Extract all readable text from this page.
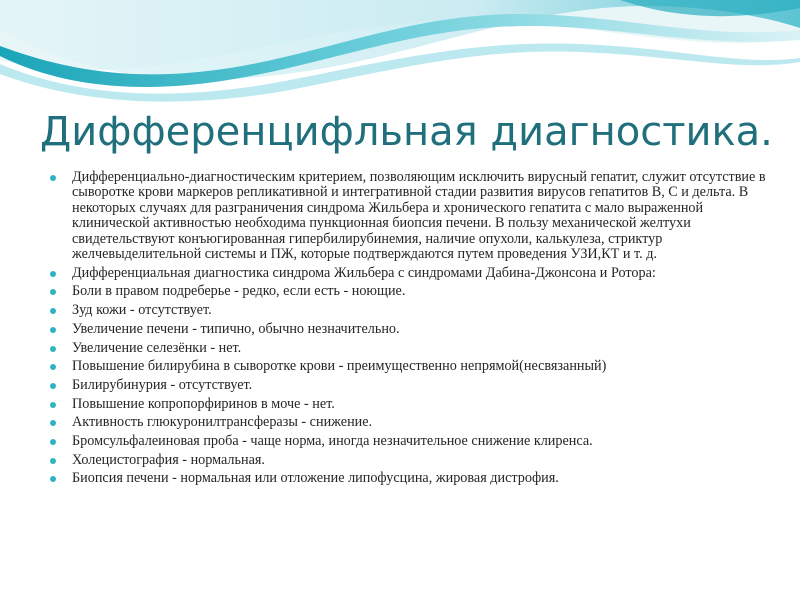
Дифференцифльная диагностика.
Дифференциально-диагностическим критерием, позволяющим исключить вирусный гепатит, служит отсутствие в сыворотке крови маркеров репликативной и интегративной стадии развития вирусов гепатитов В, С и дельта. В некоторых случаях для разграничения синдрома Жильбера и хронического гепатита с мало выраженной клинической активностью необходима пункционная биопсия печени. В пользу механической желтухи свидетельствуют конъюгированная гипербилирубинемия, наличие опухоли, калькулеза, стриктур желчевыделительной системы и ПЖ, которые подтверждаются путем проведения УЗИ,КТ и т. д.
Дифференциальная диагностика синдрома Жильбера с синдромами Дабина-Джонсона и Ротора:
Боли в правом подреберье - редко, если есть - ноющие.
Зуд кожи - отсутствует.
Увеличение печени - типично, обычно незначительно.
Увеличение селезёнки - нет.
Повышение билирубина в сыворотке крови - преимущественно непрямой(несвязанный)
Билирубинурия - отсутствует.
Повышение копропорфиринов в моче - нет.
Активность глюкуронилтрансферазы - снижение.
Бромсульфалеиновая проба - чаще норма, иногда незначительное снижение клиренса.
Холецистография - нормальная.
Биопсия печени - нормальная или отложение липофусцина, жировая дистрофия.
